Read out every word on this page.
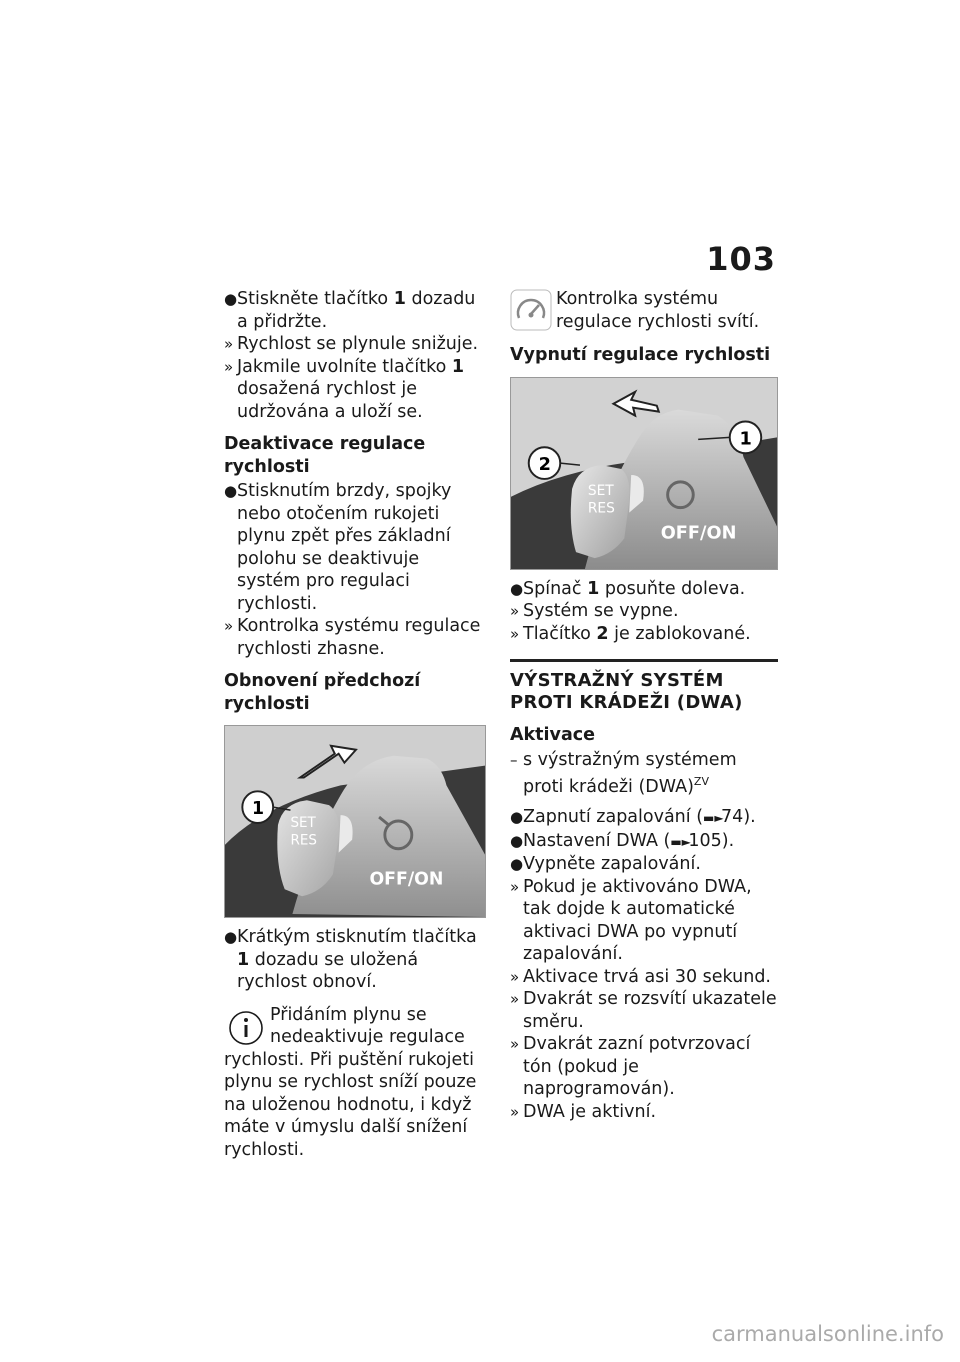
103

● Stiskněte tlačítko 1 dozadu a přidržte.

» Rychlost se plynule snižuje.

» Jakmile uvolníte tlačítko 1 dosažená rychlost je udržována a uloží se.

Deaktivace regulace rychlosti

● Stisknutím brzdy, spojky nebo otočením rukojeti plynu zpět přes základní polohu se deaktivuje systém pro regulaci rychlosti.

» Kontrolka systému regulace rychlosti zhasne.

Obnovení předchozí rychlosti
SET
RES
OFF/ON
1

● Krátkým stisknutím tlačítka 1 dozadu se uložená rychlost obnoví.

Přidáním plynu se nedeaktivuje regulace rychlosti. Při puštění rukojeti plynu se rychlost sníží pouze na uloženou hodnotu, i když máte v úmyslu další snížení rychlosti.
Kontrolka systému regulace rychlosti svítí.
Vypnutí regulace rychlosti
SET
RES
OFF/ON
1
2

● Spínač 1 posuňte doleva.

» Systém se vypne.

» Tlačítko 2 je zablokované.

VÝSTRAŽNÝ SYSTÉM PROTI KRÁDEŽI (DWA)
Aktivace

– s výstražným systémem proti krádeži (DWA)$^{ZV}$

● Zapnutí zapalování (▬►74).

● Nastavení DWA (▬►105).

● Vypněte zapalování.

» Pokud je aktivováno DWA, tak dojde k automatické aktivaci DWA po vypnutí zapalování.

» Aktivace trvá asi 30 sekund.

» Dvakrát se rozsvítí ukazatele směru.

» Dvakrát zazní potvrzovací tón (pokud je naprogramován).

» DWA je aktivní.

carmanualsonline.info
